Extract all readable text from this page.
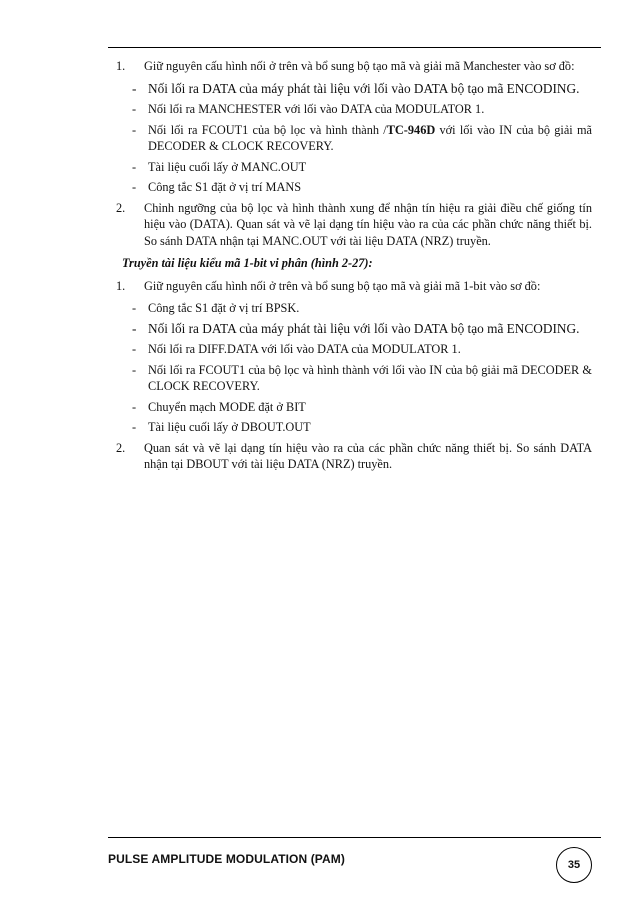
1. Giữ nguyên cấu hình nối ở trên và bổ sung bộ tạo mã và giải mã Manchester vào sơ đồ:
- Nối lối ra DATA của máy phát tài liệu với lối vào DATA bộ tạo mã ENCODING.
- Nối lối ra MANCHESTER với lối vào DATA của MODULATOR 1.
- Nối lối ra FCOUT1 của bộ lọc và hình thành /TC-946D với lối vào IN của bộ giải mã DECODER & CLOCK RECOVERY.
- Tài liệu cuối lấy ở MANC.OUT
- Công tắc S1 đặt ở vị trí MANS
2. Chỉnh ngưỡng của bộ lọc và hình thành xung để nhận tín hiệu ra giải điều chế giống tín hiệu vào (DATA). Quan sát và vẽ lại dạng tín hiệu vào ra của các phần chức năng thiết bị. So sánh DATA nhận tại MANC.OUT với tài liệu DATA (NRZ) truyền.
Truyền tài liệu kiểu mã 1-bit vi phân (hình 2-27):
1. Giữ nguyên cấu hình nối ở trên và bổ sung bộ tạo mã và giải mã 1-bit vào sơ đồ:
- Công tắc S1 đặt ở vị trí BPSK.
- Nối lối ra DATA của máy phát tài liệu với lối vào DATA bộ tạo mã ENCODING.
- Nối lối ra DIFF.DATA với lối vào DATA của MODULATOR 1.
- Nối lối ra FCOUT1 của bộ lọc và hình thành với lối vào IN của bộ giải mã DECODER & CLOCK RECOVERY.
- Chuyển mạch MODE đặt ở BIT
- Tài liệu cuối lấy ở DBOUT.OUT
2. Quan sát và vẽ lại dạng tín hiệu vào ra của các phần chức năng thiết bị. So sánh DATA nhận tại DBOUT với tài liệu DATA (NRZ) truyền.
PULSE AMPLITUDE MODULATION (PAM)	35
